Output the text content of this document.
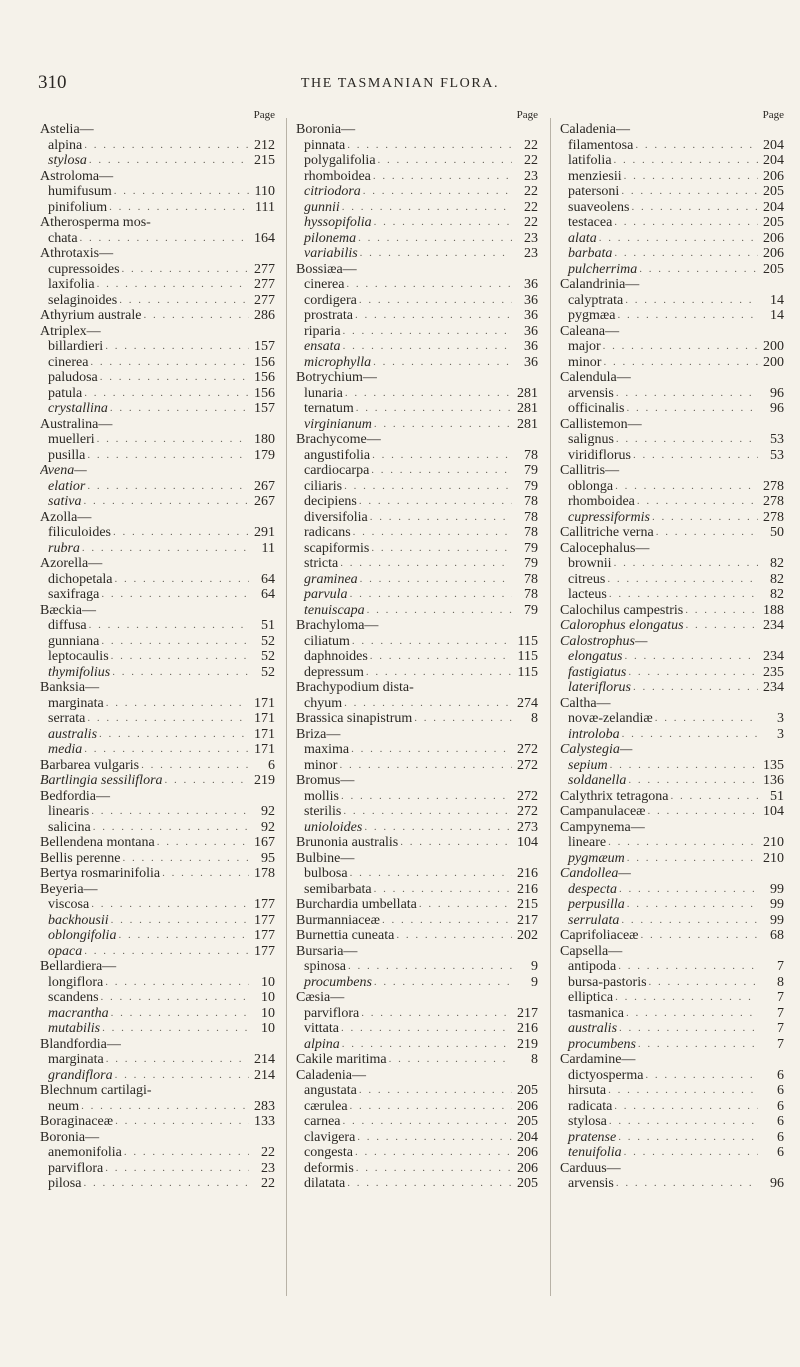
310	THE TASMANIAN FLORA.
Page
Astelia—
alpina . . .	212
stylosa . . .	215
Astroloma—
humifusum . . .	110
pinifolium . . .	111
Atherosperma mos-
chata . . .	164
Athrotaxis—
cupressoides . . .	277
laxifolia . . .	277
selaginoides . . .	277
Athyrium australe . . .	286
Atriplex—
billardieri . . .	157
cinerea . . .	156
paludosa . . .	156
patula . . .	156
crystallina . . .	157
Australina—
muelleri . . .	180
pusilla . . .	179
Avena—
elatior . . .	267
sativa . . .	267
Azolla—
filiculoides . . .	291
rubra . . .	11
Azorella—
dichopetala . . .	64
saxifraga . . .	64
Bæckia—
diffusa . . .	51
gunniana . . .	52
leptocaulis . . .	52
thymifolius . . .	52
Banksia—
marginata . . .	171
serrata . . .	171
australis . . .	171
media . . .	171
Barbarea vulgaris . . .	6
Bartlingia sessiliflora . . .	219
Bedfordia—
linearis . . .	92
salicina . . .	92
Bellendena montana . . .	167
Bellis perenne . . .	95
Bertya rosmarinifolia . . .	178
Beyeria—
viscosa . . .	177
backhousii . . .	177
oblongifolia . . .	177
opaca . . .	177
Bellardiera—
longiflora . . .	10
scandens . . .	10
macrantha . . .	10
mutabilis . . .	10
Blandfordia—
marginata . . .	214
grandiflora . . .	214
Blechnum cartilagi-
neum . . .	283
Boraginaceæ . . .	133
Boronia—
anemonifolia . . .	22
parviflora . . .	23
pilosa . . .	22
Page
Boronia—
pinnata . . .	22
polygalifolia . . .	22
rhomboidea . . .	23
citriodora . . .	22
gunnii . . .	22
hyssopifolia . . .	22
pilonema . . .	23
variabilis . . .	23
Bossiæa—
cinerea . . .	36
cordigera . . .	36
prostrata . . .	36
riparia . . .	36
ensata . . .	36
microphylla . . .	36
Botrychium—
lunaria . . .	281
ternatum . . .	281
virginianum . . .	281
Brachycome—
angustifolia . . .	78
cardiocarpa . . .	79
ciliaris . . .	79
decipiens . . .	78
diversifolia . . .	78
radicans . . .	78
scapiformis . . .	79
stricta . . .	79
graminea . . .	78
parvula . . .	78
tenuiscapa . . .	79
Brachyloma—
ciliatum . . .	115
daphnoides . . .	115
depressum . . .	115
Brachypodium dista-
chyum . . .	274
Brassica sinapistrum . . .	8
Briza—
maxima . . .	272
minor . . .	272
Bromus—
mollis . . .	272
sterilis . . .	272
unioloides . . .	273
Brunonia australis . . .	104
Bulbine—
bulbosa . . .	216
semibarbata . . .	216
Burchardia umbellata . . .	215
Burmanniaceæ . . .	217
Burnettia cuneata . . .	202
Bursaria—
spinosa . . .	9
procumbens . . .	9
Cæsia—
parviflora . . .	217
vittata . . .	216
alpina . . .	219
Cakile maritima . . .	8
Caladenia—
angustata . . .	205
cærulea . . .	206
carnea . . .	205
clavigera . . .	204
congesta . . .	206
deformis . . .	206
dilatata . . .	205
Page
Caladenia—
filamentosa . . .	204
latifolia . . .	204
menziesii . . .	206
patersoni . . .	205
suaveolens . . .	204
testacea . . .	205
alata . . .	206
barbata . . .	206
pulcherrima . . .	205
Calandrinia—
calyptrata . . .	14
pygmæa . . .	14
Caleana—
major . . .	200
minor . . .	200
Calendula—
arvensis . . .	96
officinalis . . .	96
Callistemon—
salignus . . .	53
viridiflorus . . .	53
Callitris—
oblonga . . .	278
rhomboidea . . .	278
cupressiformis . . .	278
Callitriche verna . . .	50
Calocephalus—
brownii . . .	82
citreus . . .	82
lacteus . . .	82
Calochilus campestris . . .	188
Calorophus elongatus . . .	234
Calostrophus—
elongatus . . .	234
fastigiatus . . .	235
lateriflorus . . .	234
Caltha—
novæ-zelandiæ . . .	3
introloba . . .	3
Calystegia—
sepium . . .	135
soldanella . . .	136
Calythrix tetragona . . .	51
Campanulaceæ . . .	104
Campynema—
lineare . . .	210
pygmæum . . .	210
Candollea—
despecta . . .	99
perpusilla . . .	99
serrulata . . .	99
Caprifoliaceæ . . .	68
Capsella—
antipoda . . .	7
bursa-pastoris . . .	8
elliptica . . .	7
tasmanica . . .	7
australis . . .	7
procumbens . . .	7
Cardamine—
dictyosperma . . .	6
hirsuta . . .	6
radicata . . .	6
stylosa . . .	6
pratense . . .	6
tenuifolia . . .	6
Carduus—
arvensis . . .	96
